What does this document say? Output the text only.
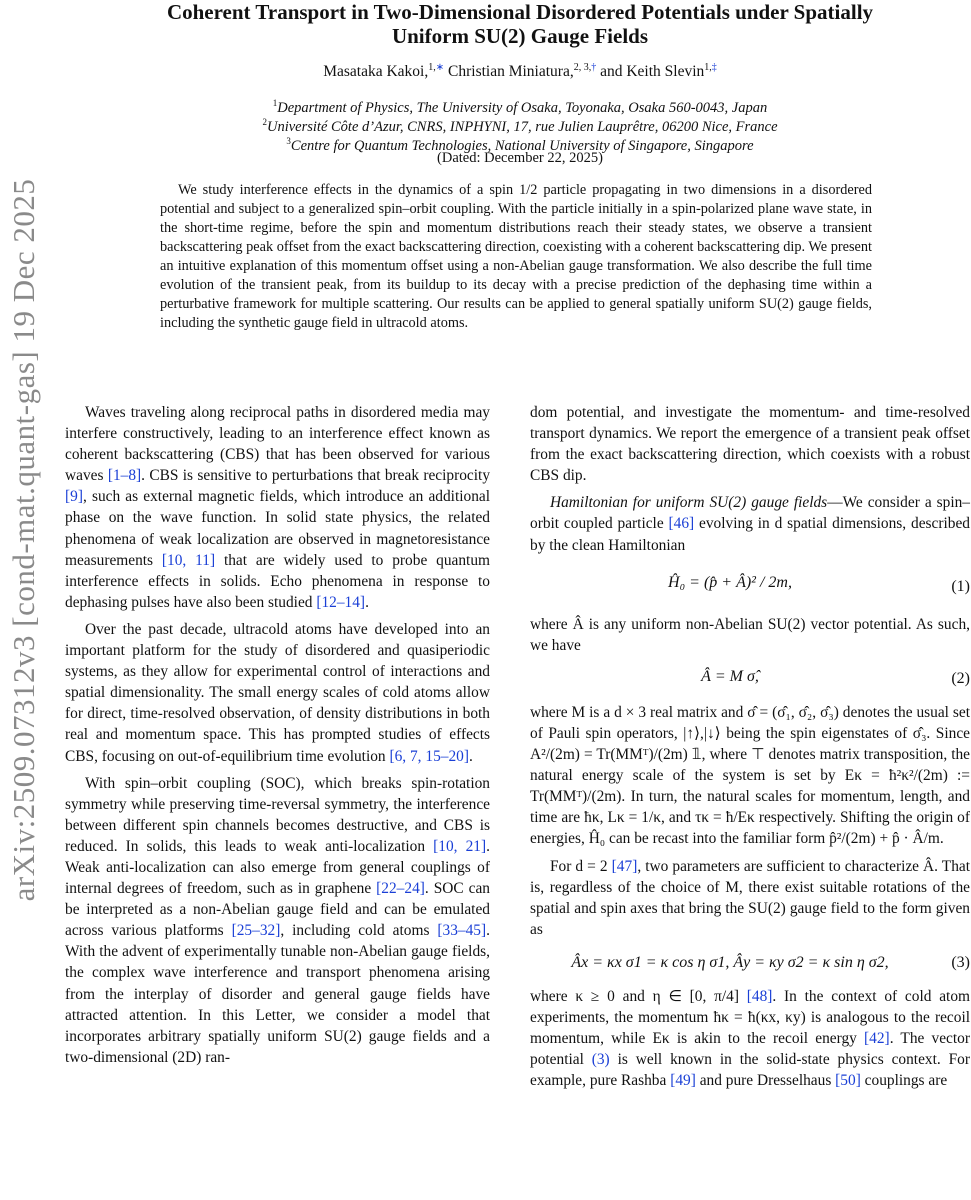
arXiv:2509.07312v3 [cond-mat.quant-gas] 19 Dec 2025
Coherent Transport in Two-Dimensional Disordered Potentials under Spatially
Uniform SU(2) Gauge Fields
Masataka Kakoi,$^{1,∗}$ Christian Miniatura,$^{2, 3,\dagger}$ and Keith Slevin$^{1,\ddagger}$
$^1$Department of Physics, The University of Osaka, Toyonaka, Osaka 560-0043, Japan
$^2$Université Côte d’Azur, CNRS, INPHYNI, 17, rue Julien Lauprêtre, 06200 Nice, France
$^3$Centre for Quantum Technologies, National University of Singapore, Singapore
(Dated: December 22, 2025)
We study interference effects in the dynamics of a spin 1/2 particle propagating in two dimensions in a disordered potential and subject to a generalized spin–orbit coupling. With the particle initially in a spin-polarized plane wave state, in the short-time regime, before the spin and momentum distributions reach their steady states, we observe a transient backscattering peak offset from the exact backscattering direction, coexisting with a coherent backscattering dip. We present an intuitive explanation of this momentum offset using a non-Abelian gauge transformation. We also describe the full time evolution of the transient peak, from its buildup to its decay with a precise prediction of the dephasing time within a perturbative framework for multiple scattering. Our results can be applied to general spatially uniform SU(2) gauge fields, including the synthetic gauge field in ultracold atoms.

Waves traveling along reciprocal paths in disordered media may interfere constructively, leading to an interference effect known as coherent backscattering (CBS) that has been observed for various waves [1–8]. CBS is sensitive to perturbations that break reciprocity [9], such as external magnetic fields, which introduce an additional phase on the wave function. In solid state physics, the related phenomena of weak localization are observed in magnetoresistance measurements [10, 11] that are widely used to probe quantum interference effects in solids. Echo phenomena in response to dephasing pulses have also been studied [12–14].

Over the past decade, ultracold atoms have developed into an important platform for the study of disordered and quasiperiodic systems, as they allow for experimental control of interactions and spatial dimensionality. The small energy scales of cold atoms allow for direct, time-resolved observation, of density distributions in both real and momentum space. This has prompted studies of effects CBS, focusing on out-of-equilibrium time evolution [6, 7, 15–20].

With spin–orbit coupling (SOC), which breaks spin-rotation symmetry while preserving time-reversal symmetry, the interference between different spin channels becomes destructive, and CBS is reduced. In solids, this leads to weak anti-localization [10, 21]. Weak anti-localization can also emerge from general couplings of internal degrees of freedom, such as in graphene [22–24]. SOC can be interpreted as a non-Abelian gauge field and can be emulated across various platforms [25–32], including cold atoms [33–45]. With the advent of experimentally tunable non-Abelian gauge fields, the complex wave interference and transport phenomena arising from the interplay of disorder and general gauge fields have attracted attention. In this Letter, we consider a model that incorporates arbitrary spatially uniform SU(2) gauge fields and a two-dimensional (2D) ran-

dom potential, and investigate the momentum- and time-resolved transport dynamics. We report the emergence of a transient peak offset from the exact backscattering direction, which coexists with a robust CBS dip.

Hamiltonian for uniform SU(2) gauge fields—We consider a spin–orbit coupled particle [46] evolving in d spatial dimensions, described by the clean Hamiltonian

Ĥ₀ = (p̂ + Â)² / 2m,	(1)

where Â is any uniform non-Abelian SU(2) vector potential. As such, we have

Â = M σ̂,	(2)

where M is a d × 3 real matrix and σ̂ = (σ̂₁, σ̂₂, σ̂₃) denotes the usual set of Pauli spin operators, |↑⟩,|↓⟩ being the spin eigenstates of σ̂₃. Since A²/(2m) = Tr(MMᵀ)/(2m) 𝟙, where ⊤ denotes matrix transposition, the natural energy scale of the system is set by Eκ = ħ²κ²/(2m) := Tr(MMᵀ)/(2m). In turn, the natural scales for momentum, length, and time are ħκ, Lκ = 1/κ, and τκ = ħ/Eκ respectively. Shifting the origin of energies, Ĥ₀ can be recast into the familiar form p̂²/(2m) + p̂ · Â/m.

For d = 2 [47], two parameters are sufficient to characterize Â. That is, regardless of the choice of M, there exist suitable rotations of the spatial and spin axes that bring the SU(2) gauge field to the form given as

Âx = κx σ1 = κ cos η σ1, Ây = κy σ2 = κ sin η σ2,	(3)

where κ ≥ 0 and η ∈ [0, π/4] [48]. In the context of cold atom experiments, the momentum ħκ = ħ(κx, κy) is analogous to the recoil momentum, while Eκ is akin to the recoil energy [42]. The vector potential (3) is well known in the solid-state physics context. For example, pure Rashba [49] and pure Dresselhaus [50] couplings are
